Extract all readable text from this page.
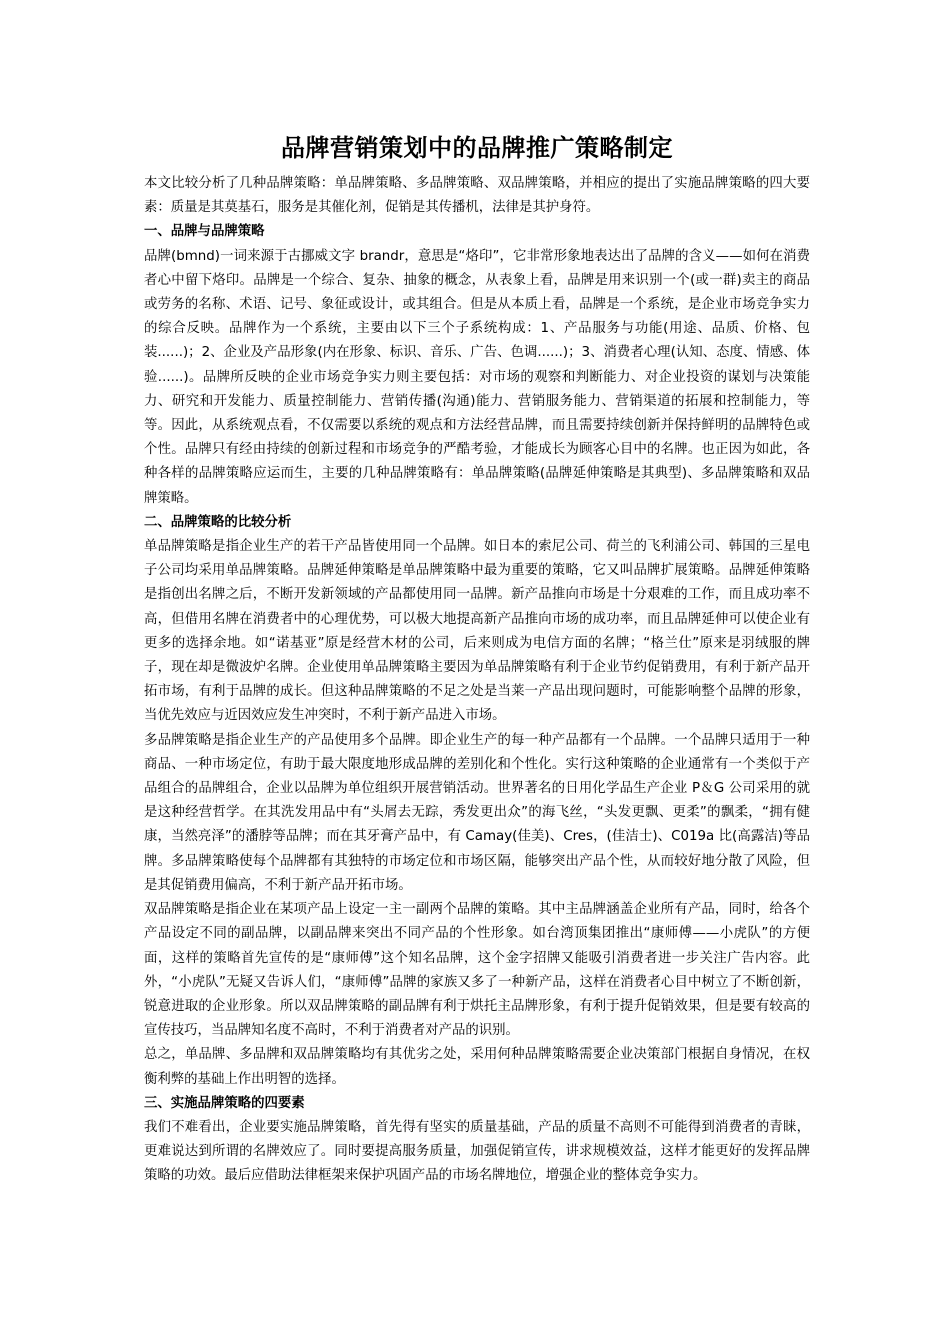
品牌营销策划中的品牌推广策略制定

本文比较分析了几种品牌策略：单品牌策略、多品牌策略、双品牌策略，并相应的提出了实施品牌策略的四大要素：质量是其莫基石，服务是其催化剂，促销是其传播机，法律是其护身符。

一、品牌与品牌策略

品牌(bmnd)一词来源于古挪威文字 brandr，意思是“烙印”，它非常形象地表达出了品牌的含义——如何在消费者心中留下烙印。品牌是一个综合、复杂、抽象的概念，从表象上看，品牌是用来识别一个(或一群)卖主的商品或劳务的名称、术语、记号、象征或设计，或其组合。但是从本质上看，品牌是一个系统，是企业市场竞争实力的综合反映。品牌作为一个系统，主要由以下三个子系统构成：1、产品服务与功能(用途、品质、价格、包装......)；2、企业及产品形象(内在形象、标识、音乐、广告、色调......)；3、消费者心理(认知、态度、情感、体验......)。品牌所反映的企业市场竞争实力则主要包括：对市场的观察和判断能力、对企业投资的谋划与决策能力、研究和开发能力、质量控制能力、营销传播(沟通)能力、营销服务能力、营销渠道的拓展和控制能力，等等。因此，从系统观点看，不仅需要以系统的观点和方法经营品牌，而且需要持续创新并保持鲜明的品牌特色或个性。品牌只有经由持续的创新过程和市场竞争的严酷考验，才能成长为顾客心目中的名牌。也正因为如此，各种各样的品牌策略应运而生，主要的几种品牌策略有：单品牌策略(品牌延伸策略是其典型)、多品牌策略和双品牌策略。

二、品牌策略的比较分析

单品牌策略是指企业生产的若干产品皆使用同一个品牌。如日本的索尼公司、荷兰的飞利浦公司、韩国的三星电子公司均采用单品牌策略。品牌延伸策略是单品牌策略中最为重要的策略，它又叫品牌扩展策略。品牌延伸策略是指创出名牌之后，不断开发新领域的产品都使用同一品牌。新产品推向市场是十分艰难的工作，而且成功率不高，但借用名牌在消费者中的心理优势，可以极大地提高新产品推向市场的成功率，而且品牌延伸可以使企业有更多的选择余地。如“诺基亚”原是经营木材的公司，后来则成为电信方面的名牌；“格兰仕”原来是羽绒服的牌子，现在却是微波炉名牌。企业使用单品牌策略主要因为单品牌策略有利于企业节约促销费用，有利于新产品开拓市场，有利于品牌的成长。但这种品牌策略的不足之处是当莱一产品出现问题时，可能影响整个品牌的形象，当优先效应与近因效应发生冲突时，不利于新产品进入市场。

多品牌策略是指企业生产的产品使用多个品牌。即企业生产的每一种产品都有一个品牌。一个品牌只适用于一种商品、一种市场定位，有助于最大限度地形成品牌的差别化和个性化。实行这种策略的企业通常有一个类似于产品组合的品牌组合，企业以品牌为单位组织开展营销活动。世界著名的日用化学品生产企业 P＆G 公司采用的就是这种经营哲学。在其洗发用品中有“头屑去无踪，秀发更出众”的海飞丝，“头发更飘、更柔”的飘柔，“拥有健康，当然亮泽”的潘脖等品牌；而在其牙膏产品中，有 Camay(佳美)、Cres，(佳洁士)、C019a 比(高露洁)等品牌。多品牌策略使每个品牌都有其独特的市场定位和市场区隔，能够突出产品个性，从而较好地分散了风险，但是其促销费用偏高，不利于新产品开拓市场。

双品牌策略是指企业在某项产品上设定一主一副两个品牌的策略。其中主品牌涵盖企业所有产品，同时，给各个产品设定不同的副品牌，以副品牌来突出不同产品的个性形象。如台湾顶集团推出“康师傅——小虎队”的方便面，这样的策略首先宣传的是“康师傅”这个知名品牌，这个金字招牌又能吸引消费者进一步关注广告内容。此外，“小虎队”无疑又告诉人们，“康师傅”品牌的家族又多了一种新产品，这样在消费者心目中树立了不断创新，锐意进取的企业形象。所以双品牌策略的副品牌有利于烘托主品牌形象，有利于提升促销效果，但是要有较高的宣传技巧，当品牌知名度不高时，不利于消费者对产品的识别。

总之，单品牌、多品牌和双品牌策略均有其优劣之处，采用何种品牌策略需要企业决策部门根据自身情况，在权衡利弊的基础上作出明智的选择。

三、实施品牌策略的四要素

我们不难看出，企业要实施品牌策略，首先得有坚实的质量基础，产品的质量不高则不可能得到消费者的青睐，更难说达到所谓的名牌效应了。同时要提高服务质量，加强促销宣传，讲求规模效益，这样才能更好的发挥品牌策略的功效。最后应借助法律框架来保护巩固产品的市场名牌地位，增强企业的整体竞争实力。
